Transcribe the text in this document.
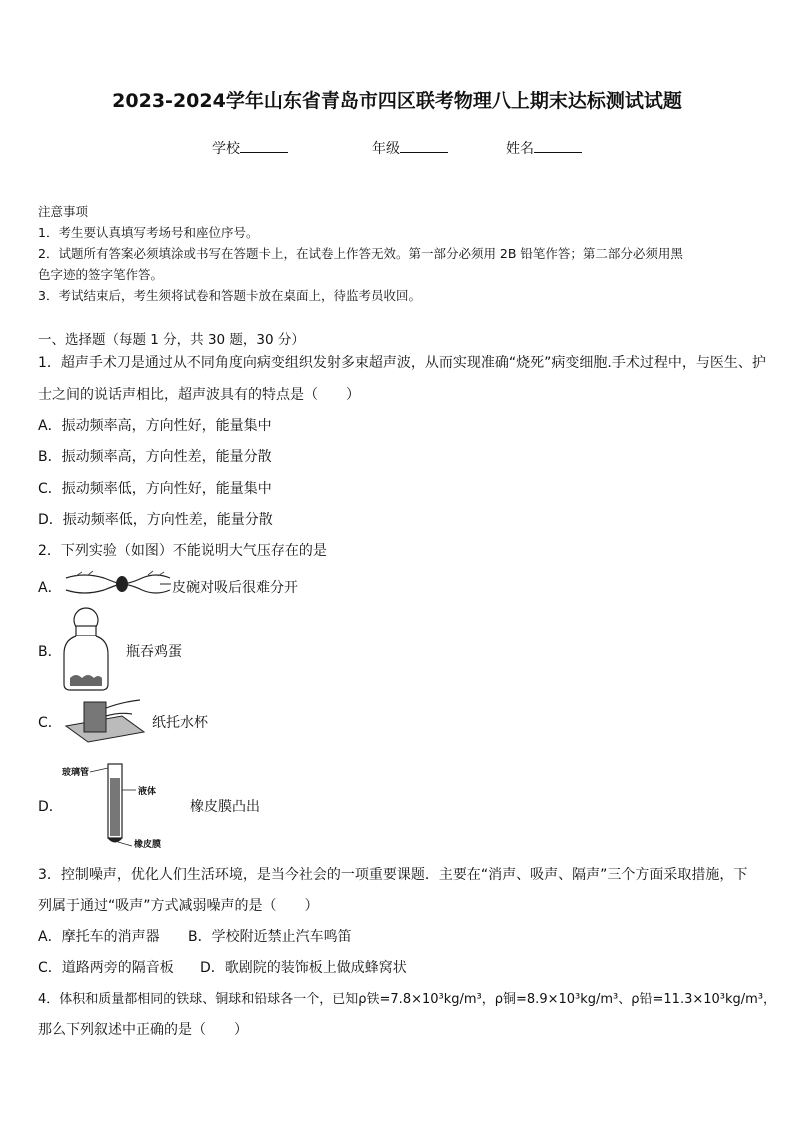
2023-2024学年山东省青岛市四区联考物理八上期末达标测试试题
学校	年级	姓名
注意事项
1．考生要认真填写考场号和座位序号。
2．试题所有答案必须填涂或书写在答题卡上，在试卷上作答无效。第一部分必须用 2B 铅笔作答；第二部分必须用黑
色字迹的签字笔作答。
3．考试结束后，考生须将试卷和答题卡放在桌面上，待监考员收回。
一、选择题（每题 1 分，共 30 题，30 分）
1．超声手术刀是通过从不同角度向病变组织发射多束超声波，从而实现准确“烧死”病变细胞.手术过程中，与医生、护
士之间的说话声相比，超声波具有的特点是（　　）
A．振动频率高，方向性好，能量集中
B．振动频率高，方向性差，能量分散
C．振动频率低，方向性好，能量集中
D．振动频率低，方向性差，能量分散
2．下列实验（如图）不能说明大气压存在的是
A．	皮碗对吸后很难分开
B．	瓶吞鸡蛋
C．	纸托水杯
D．
玻璃管
液体
橡皮膜
橡皮膜凸出
3．控制噪声，优化人们生活环境，是当今社会的一项重要课题．主要在“消声、吸声、隔声”三个方面采取措施，下
列属于通过“吸声”方式减弱噪声的是（　　）
A．摩托车的消声器 B．学校附近禁止汽车鸣笛
C．道路两旁的隔音板 D．歌剧院的装饰板上做成蜂窝状
4．体积和质量都相同的铁球、铜球和铅球各一个，已知ρ铁=7.8×10³kg/m³，ρ铜=8.9×10³kg/m³、ρ铅=11.3×10³kg/m³，
那么下列叙述中正确的是（　　）
